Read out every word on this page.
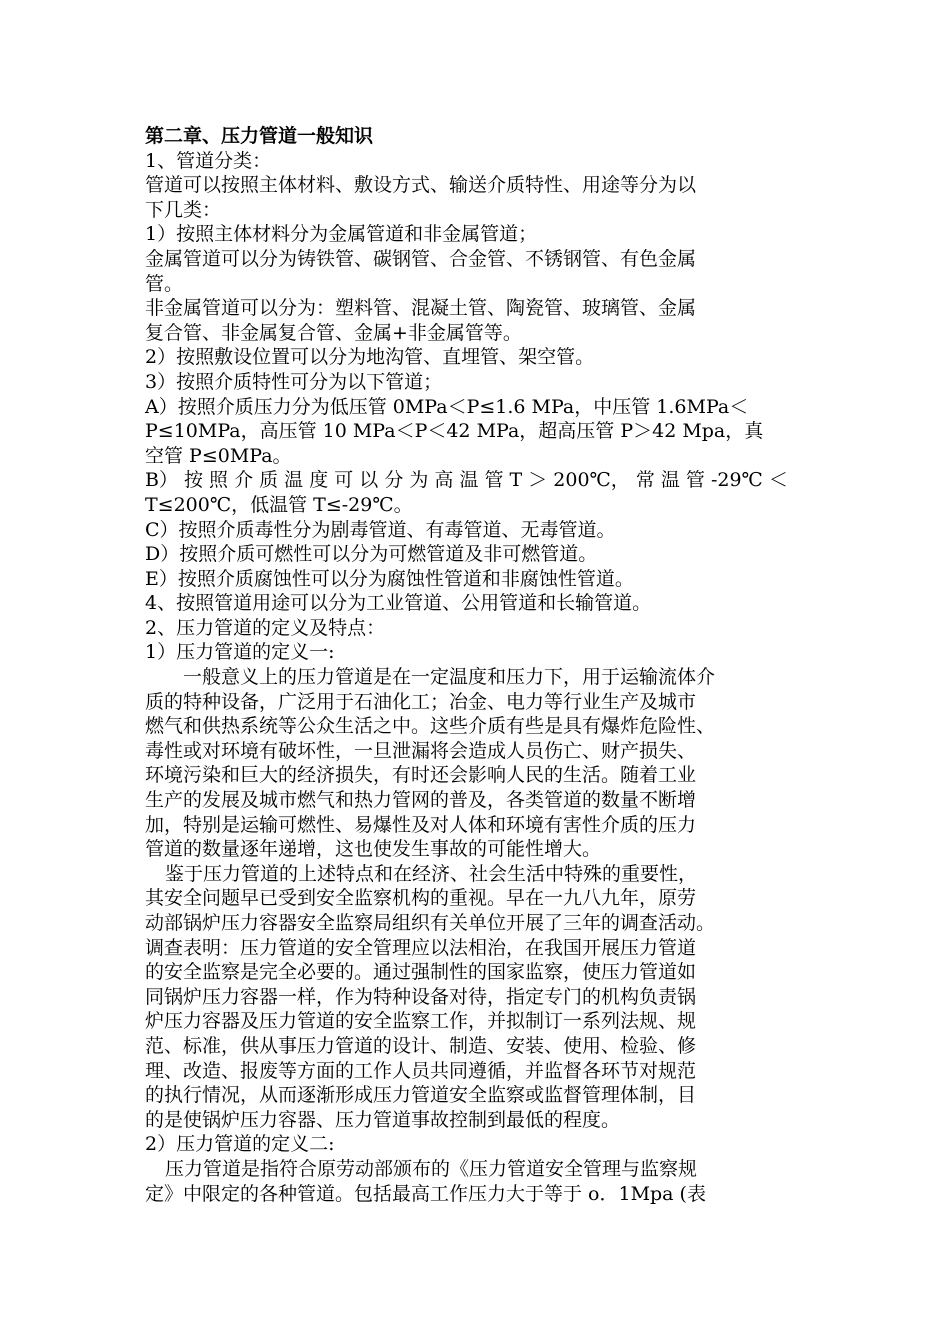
第二章、压力管道一般知识
1、管道分类：
管道可以按照主体材料、敷设方式、输送介质特性、用途等分为以
下几类：
1）按照主体材料分为金属管道和非金属管道；
金属管道可以分为铸铁管、碳钢管、合金管、不锈钢管、有色金属
管。
非金属管道可以分为：塑料管、混凝土管、陶瓷管、玻璃管、金属
复合管、非金属复合管、金属+非金属管等。
2）按照敷设位置可以分为地沟管、直埋管、架空管。
3）按照介质特性可分为以下管道；
A）按照介质压力分为低压管 0MPa＜P≤1.6 MPa，中压管 1.6MPa＜
P≤10MPa，高压管 10 MPa＜P＜42 MPa，超高压管 P＞42 Mpa，真
空管 P≤0MPa。
B） 按 照 介 质 温 度 可 以 分 为 高 温 管 T ＞ 200℃， 常 温 管 -29℃ ＜
T≤200℃，低温管 T≤-29℃。
C）按照介质毒性分为剧毒管道、有毒管道、无毒管道。
D）按照介质可燃性可以分为可燃管道及非可燃管道。
E）按照介质腐蚀性可以分为腐蚀性管道和非腐蚀性管道。
4、按照管道用途可以分为工业管道、公用管道和长输管道。
2、压力管道的定义及特点：
1）压力管道的定义一:
一般意义上的压力管道是在一定温度和压力下，用于运输流体介
质的特种设备，广泛用于石油化工；冶金、电力等行业生产及城市
燃气和供热系统等公众生活之中。这些介质有些是具有爆炸危险性、
毒性或对环境有破坏性，一旦泄漏将会造成人员伤亡、财产损失、
环境污染和巨大的经济损失，有时还会影响人民的生活。随着工业
生产的发展及城市燃气和热力管网的普及，各类管道的数量不断增
加，特别是运输可燃性、易爆性及对人体和环境有害性介质的压力
管道的数量逐年递增，这也使发生事故的可能性增大。
鉴于压力管道的上述特点和在经济、社会生活中特殊的重要性，
其安全问题早已受到安全监察机构的重视。早在一九八九年，原劳
动部锅炉压力容器安全监察局组织有关单位开展了三年的调查活动。
调查表明：压力管道的安全管理应以法相治，在我国开展压力管道
的安全监察是完全必要的。通过强制性的国家监察，使压力管道如
同锅炉压力容器一样，作为特种设备对待，指定专门的机构负责锅
炉压力容器及压力管道的安全监察工作，并拟制订一系列法规、规
范、标准，供从事压力管道的设计、制造、安装、使用、检验、修
理、改造、报废等方面的工作人员共同遵循，并监督各环节对规范
的执行情况，从而逐渐形成压力管道安全监察或监督管理体制，目
的是使锅炉压力容器、压力管道事故控制到最低的程度。
2）压力管道的定义二:
压力管道是指符合原劳动部颁布的《压力管道安全管理与监察规
定》中限定的各种管道。包括最高工作压力大于等于 o．1Mpa (表
